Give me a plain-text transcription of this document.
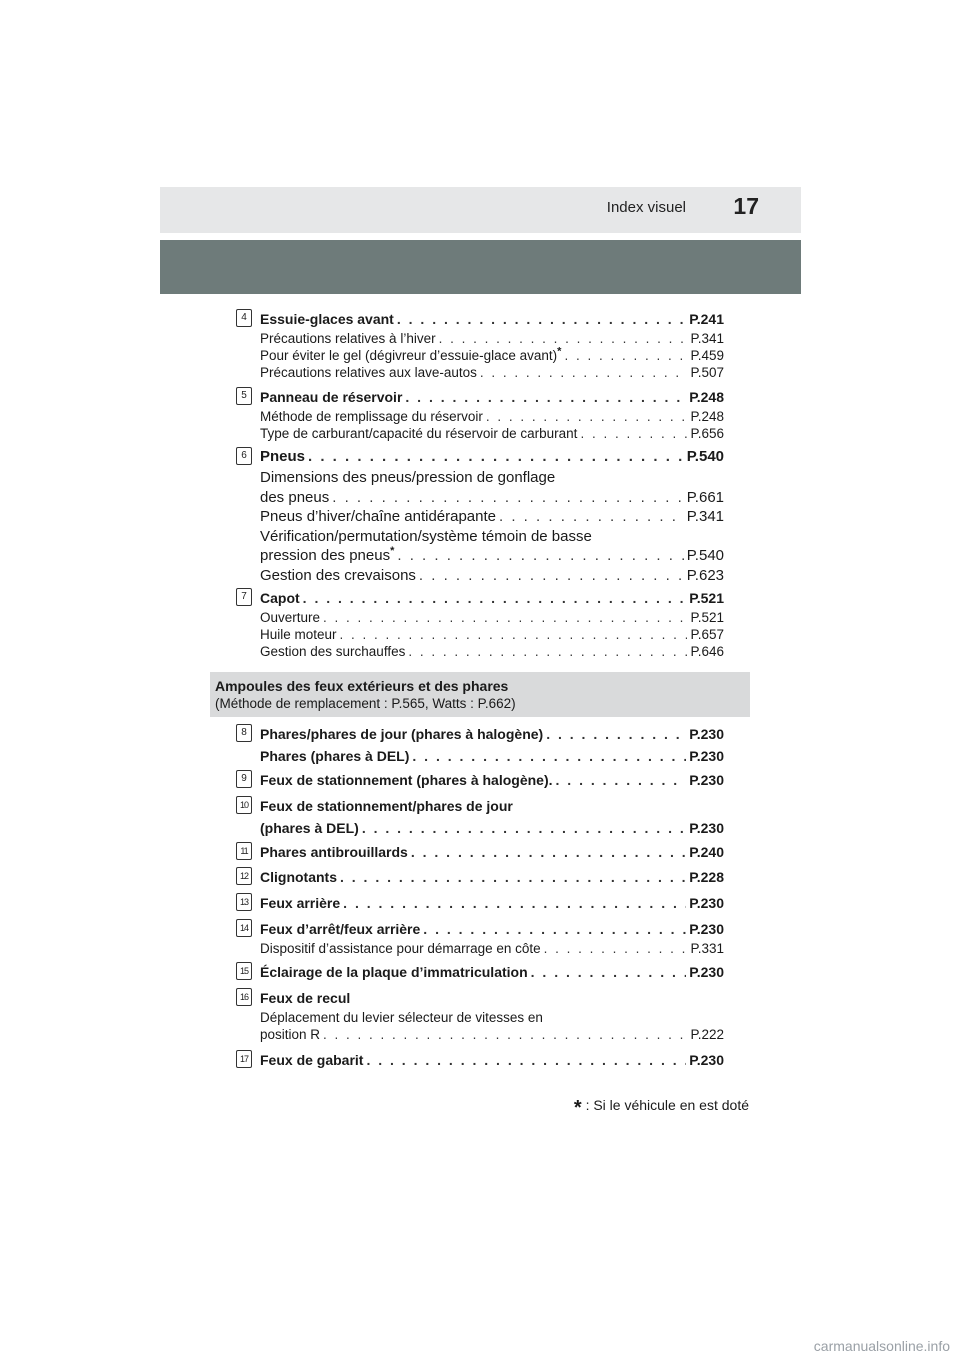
Index visuel 17
4 Essuie-glaces avant . . .	P.241
Précautions relatives à l’hiver . . .	P.341
Pour éviter le gel (dégivreur d’essuie-glace avant)* . . .	P.459
Précautions relatives aux lave-autos . . .	P.507
5 Panneau de réservoir . . .	P.248
Méthode de remplissage du réservoir . . .	P.248
Type de carburant/capacité du réservoir de carburant . . .	P.656
6 Pneus . . .	P.540
Dimensions des pneus/pression de gonflage
des pneus . . .	P.661
Pneus d’hiver/chaîne antidérapante . . .	P.341
Vérification/permutation/système témoin de basse
pression des pneus* . . .	P.540
Gestion des crevaisons . . .	P.623
7 Capot . . .	P.521
Ouverture . . .	P.521
Huile moteur . . .	P.657
Gestion des surchauffes . . .	P.646
Ampoules des feux extérieurs et des phares
(Méthode de remplacement : P.565, Watts : P.662)
8 Phares/phares de jour (phares à halogène) . . .	P.230
Phares (phares à DEL) . . .	P.230
9 Feux de stationnement (phares à halogène). . . .	P.230
10 Feux de stationnement/phares de jour
(phares à DEL) . . .	P.230
11 Phares antibrouillards . . .	P.240
12 Clignotants . . .	P.228
13 Feux arrière . . .	P.230
14 Feux d’arrêt/feux arrière . . .	P.230
Dispositif d’assistance pour démarrage en côte . . .	P.331
15 Éclairage de la plaque d’immatriculation . . .	P.230
16 Feux de recul
Déplacement du levier sélecteur de vitesses en
position R . . .	P.222
17 Feux de gabarit . . .	P.230
* : Si le véhicule en est doté
carmanualsonline.info
